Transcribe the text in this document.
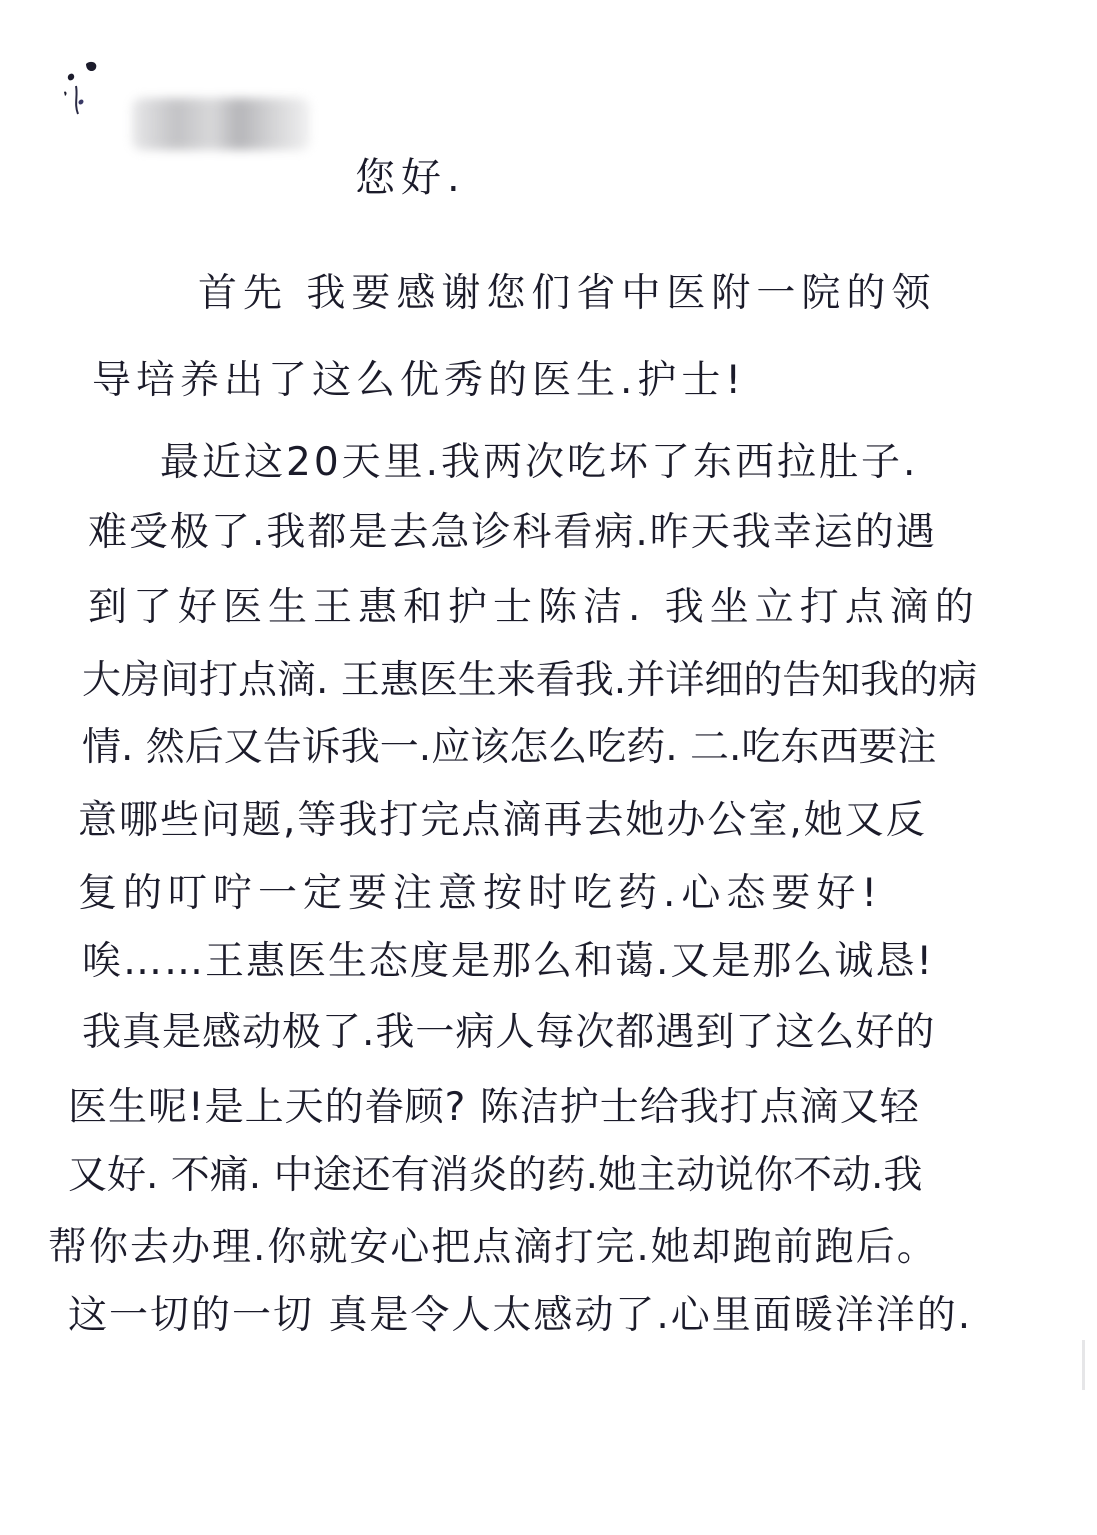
您好.
首先 我要感谢您们省中医附一院的领
导培养出了这么优秀的医生.护士!
最近这20天里.我两次吃坏了东西拉肚子.
难受极了.我都是去急诊科看病.昨天我幸运的遇
到了好医生王惠和护士陈洁. 我坐立打点滴的
大房间打点滴. 王惠医生来看我.并详细的告知我的病
情. 然后又告诉我一.应该怎么吃药. 二.吃东西要注
意哪些问题,等我打完点滴再去她办公室,她又反
复的叮咛一定要注意按时吃药.心态要好!
唉……王惠医生态度是那么和蔼.又是那么诚恳!
我真是感动极了.我一病人每次都遇到了这么好的
医生呢!是上天的眷顾? 陈洁护士给我打点滴又轻
又好. 不痛. 中途还有消炎的药.她主动说你不动.我
帮你去办理.你就安心把点滴打完.她却跑前跑后。
这一切的一切 真是令人太感动了.心里面暖洋洋的.
